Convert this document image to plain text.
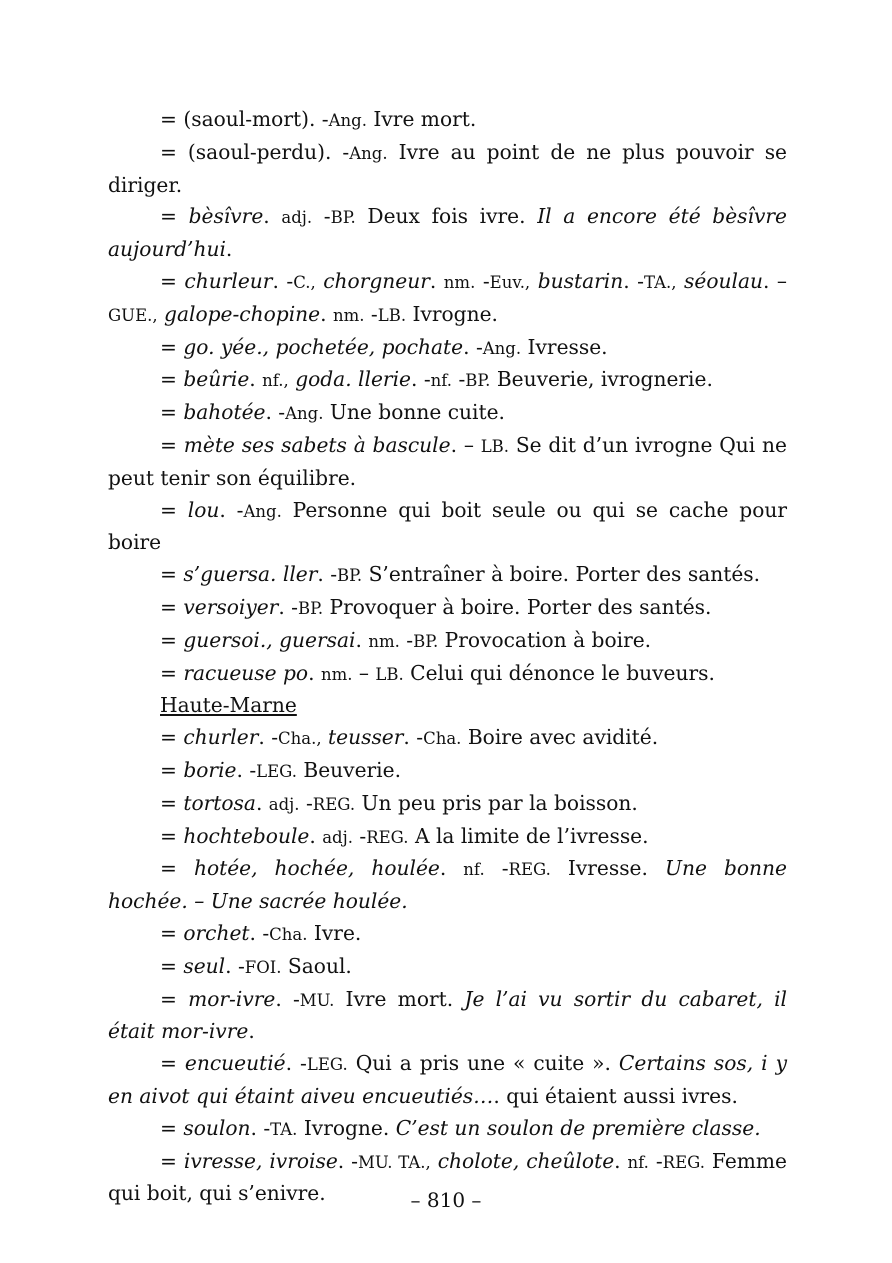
= (saoul-mort). -Ang. Ivre mort.

= (saoul-perdu). -Ang. Ivre au point de ne plus pouvoir se diriger.

= bèsîvre. adj. -BP. Deux fois ivre. Il a encore été bèsîvre aujourd’hui.

= churleur. -C., chorgneur. nm. -Euv., bustarin. -TA., séoulau. – GUE., galope-chopine. nm. -LB. Ivrogne.

= go. yée., pochetée, pochate. -Ang. Ivresse.

= beûrie. nf., goda. llerie. -nf. -BP. Beuverie, ivrognerie.

= bahotée. -Ang. Une bonne cuite.

= mète ses sabets à bascule. – LB. Se dit d’un ivrogne Qui ne peut tenir son équilibre.

= lou. -Ang. Personne qui boit seule ou qui se cache pour boire

= s’guersa. ller. -BP. S’entraîner à boire. Porter des santés.

= versoiyer. -BP. Provoquer à boire. Porter des santés.

= guersoi., guersai. nm. -BP. Provocation à boire.

= racueuse po. nm. – LB. Celui qui dénonce le buveurs.

Haute-Marne

= churler. -Cha., teusser. -Cha. Boire avec avidité.

= borie. -LEG. Beuverie.

= tortosa. adj. -REG. Un peu pris par la boisson.

= hochteboule. adj. -REG. A la limite de l’ivresse.

= hotée, hochée, houlée. nf. -REG. Ivresse. Une bonne hochée. – Une sacrée houlée.

= orchet. -Cha. Ivre.

= seul. -FOI. Saoul.

= mor-ivre. -MU. Ivre mort. Je l’ai vu sortir du cabaret, il était mor-ivre.

= encueutié. -LEG. Qui a pris une « cuite ». Certains sos, i y en aivot qui étaint aiveu encueutiés…. qui étaient aussi ivres.

= soulon. -TA. Ivrogne. C’est un soulon de première classe.

= ivresse, ivroise. -MU. TA., cholote, cheûlote. nf. -REG. Femme qui boit, qui s’enivre.	– 810 –
